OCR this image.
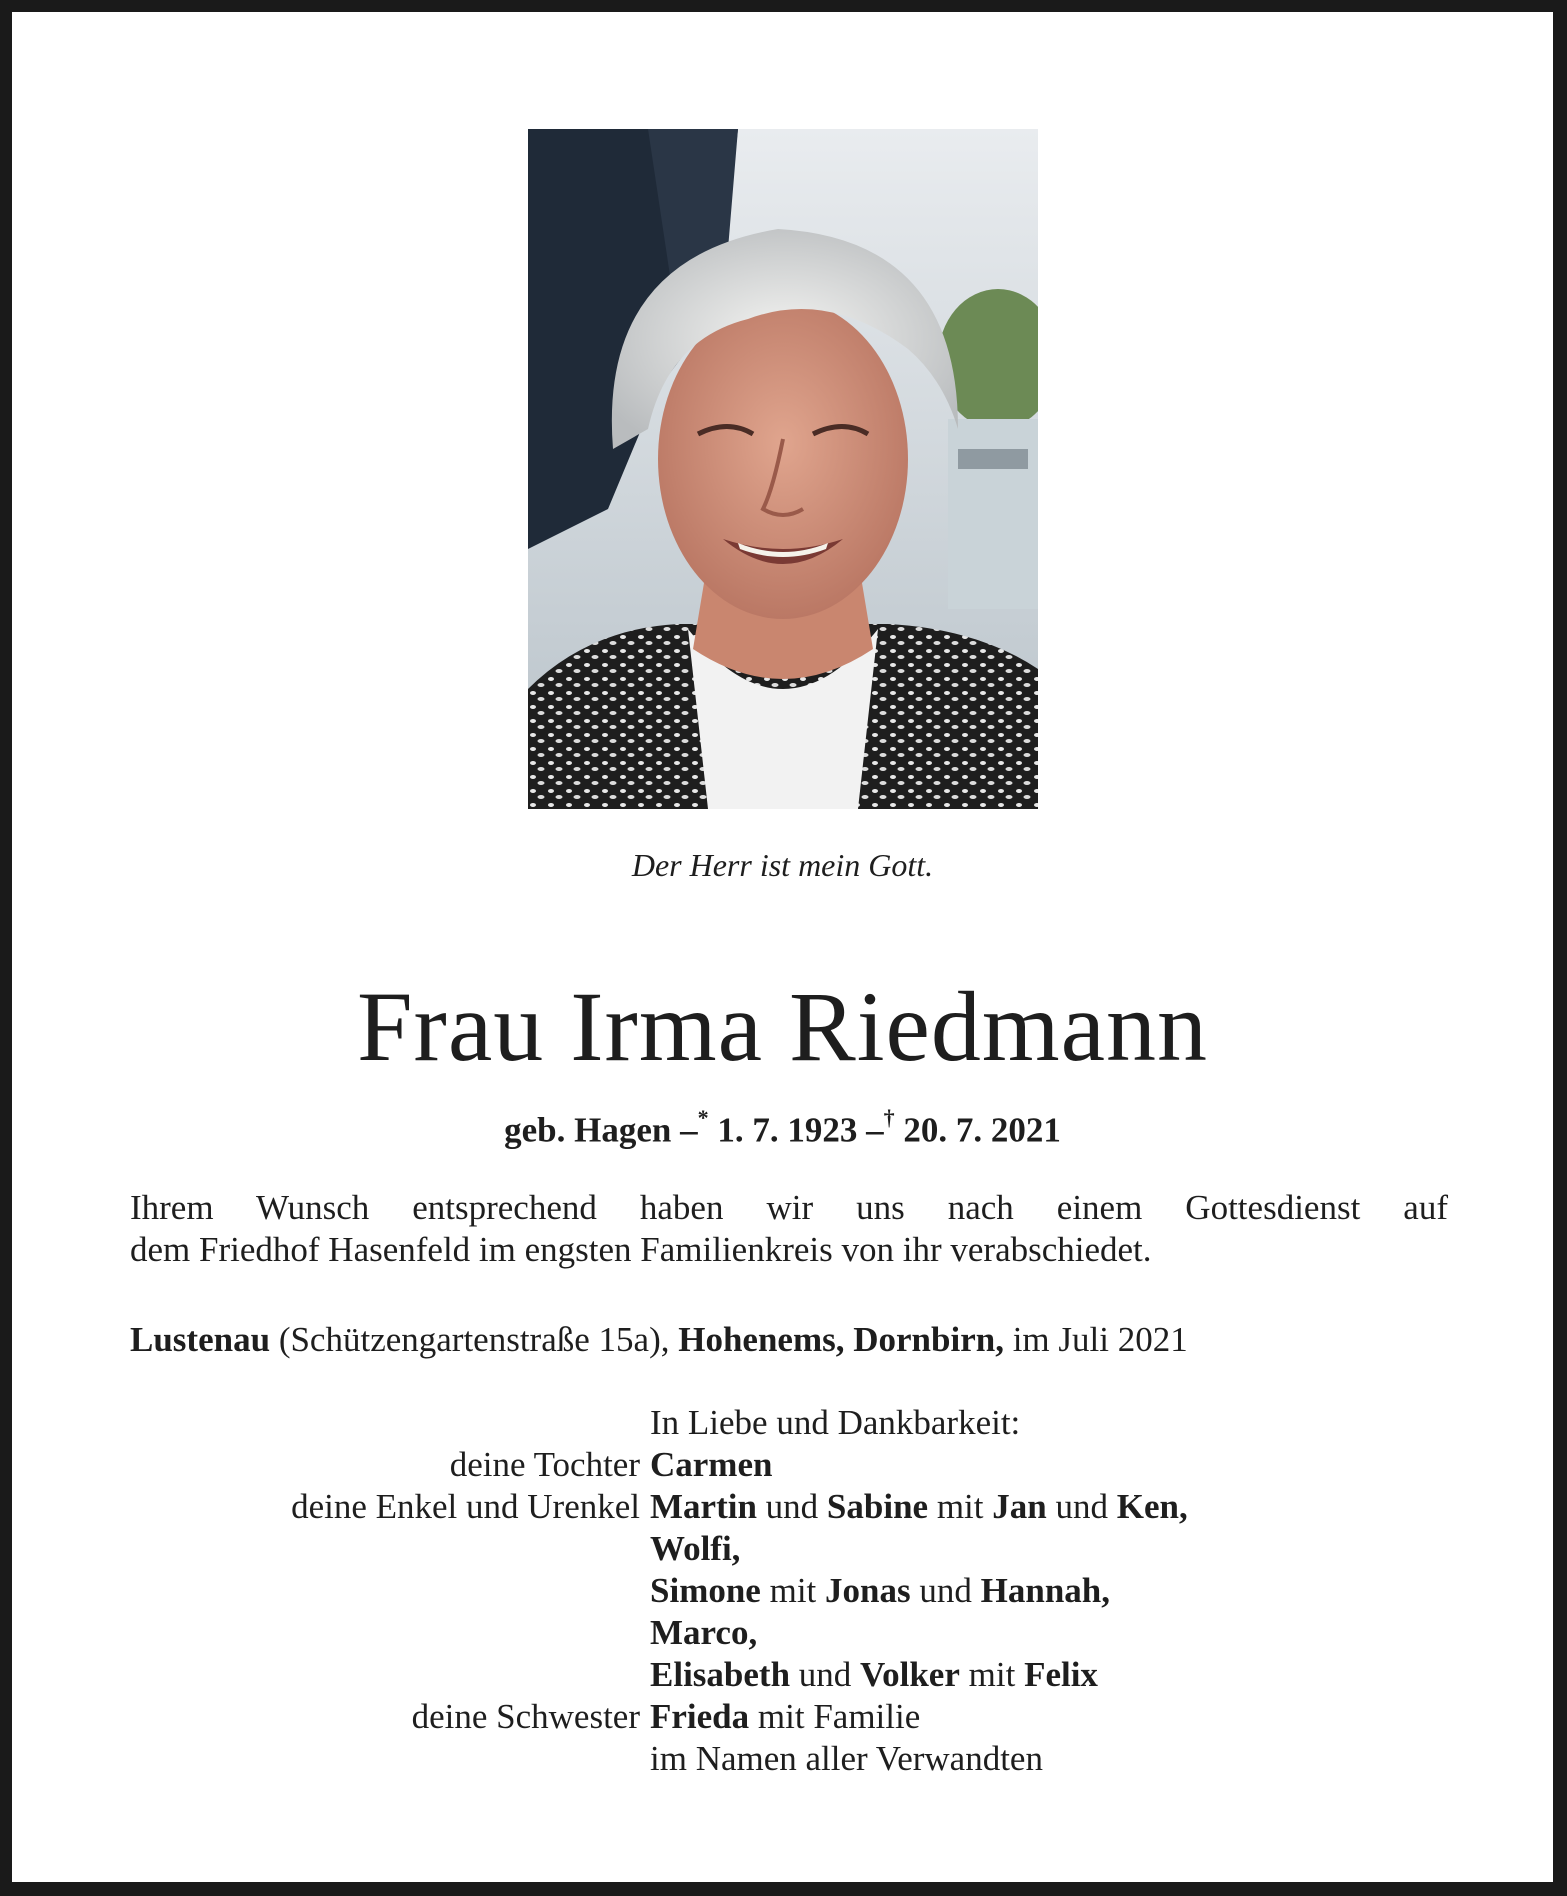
Der Herr ist mein Gott.
Frau Irma Riedmann
geb. Hagen –* 1. 7. 1923 –† 20. 7. 2021
Ihrem Wunsch entsprechend haben wir uns nach einem Gottesdienst auf
dem Friedhof Hasenfeld im engsten Familienkreis von ihr verabschiedet.
Lustenau (Schützengartenstraße 15a), Hohenems, Dornbirn, im Juli 2021
In Liebe und Dankbarkeit:
deine Tochter Carmen
deine Enkel und Urenkel Martin und Sabine mit Jan und Ken,
Wolfi,
Simone mit Jonas und Hannah,
Marco,
Elisabeth und Volker mit Felix
deine Schwester Frieda mit Familie
im Namen aller Verwandten
